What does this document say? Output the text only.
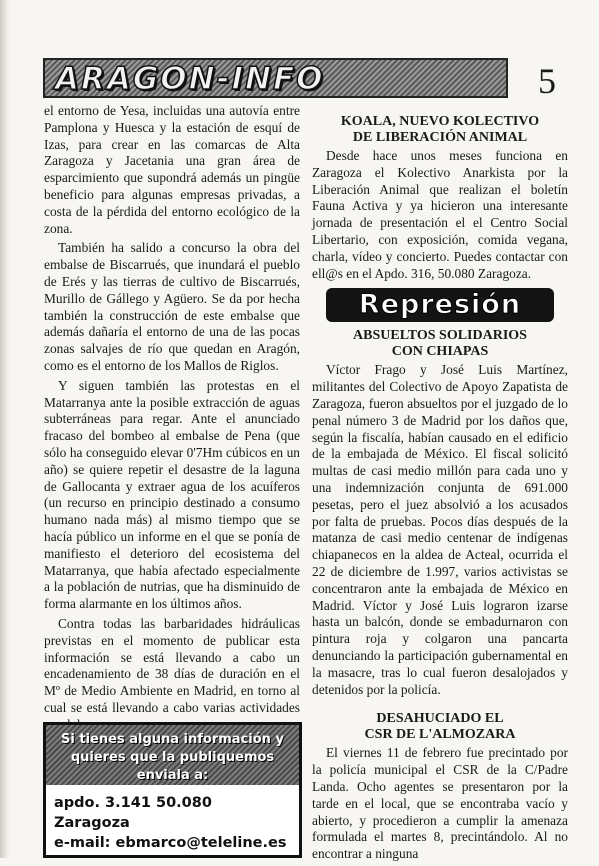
ARAGON-INFO	5

el entorno de Yesa, incluidas una autovía entre Pamplona y Huesca y la estación de esquí de Izas, para crear en las comarcas de Alta Zaragoza y Jacetania una gran área de esparcimiento que supondrá además un pingüe beneficio para algunas empresas privadas, a costa de la pérdida del entorno ecológico de la zona.

También ha salido a concurso la obra del embalse de Biscarrués, que inundará el pueblo de Erés y las tierras de cultivo de Biscarrués, Murillo de Gállego y Agüero. Se da por hecha también la construcción de este embalse que además dañaría el entorno de una de las pocas zonas salvajes de río que quedan en Aragón, como es el entorno de los Mallos de Riglos.

Y siguen también las protestas en el Matarranya ante la posible extracción de aguas subterráneas para regar. Ante el anunciado fracaso del bombeo al embalse de Pena (que sólo ha conseguido elevar 0'7Hm cúbicos en un año) se quiere repetir el desastre de la laguna de Gallocanta y extraer agua de los acuíferos (un recurso en principio destinado a consumo humano nada más) al mismo tiempo que se hacía público un informe en el que se ponía de manifiesto el deterioro del ecosistema del Matarranya, que había afectado especialmente a la población de nutrias, que ha disminuido de forma alarmante en los últimos años.

Contra todas las barbaridades hidráulicas previstas en el momento de publicar esta información se está llevando a cabo un encadenamiento de 38 días de duración en el Mº de Medio Ambiente en Madrid, en torno al cual se está llevando a cabo varias actividades

Si tienes alguna información y
quieres que la publiquemos enviala a:
apdo. 3.141 50.080 Zaragoza
e-mail: ebmarco@teleline.es
KOALA, NUEVO KOLECTIVO
DE LIBERACIÓN ANIMAL

Desde hace unos meses funciona en Zaragoza el Kolectivo Anarkista por la Liberación Animal que realizan el boletín Fauna Activa y ya hicieron una interesante jornada de presentación el el Centro Social Libertario, con exposición, comida vegana, charla, vídeo y concierto. Puedes contactar con ell@s en el Apdo. 316, 50.080 Zaragoza.

Represión
ABSUELTOS SOLIDARIOS
CON CHIAPAS

Víctor Frago y José Luis Martínez, militantes del Colectivo de Apoyo Zapatista de Zaragoza, fueron absueltos por el juzgado de lo penal número 3 de Madrid por los daños que, según la fiscalía, habían causado en el edificio de la embajada de México. El fiscal solicitó multas de casi medio millón para cada uno y una indemnización conjunta de 691.000 pesetas, pero el juez absolvió a los acusados por falta de pruebas. Pocos días después de la matanza de casi medio centenar de indígenas chiapanecos en la aldea de Acteal, ocurrida el 22 de diciembre de 1.997, varios activistas se concentraron ante la embajada de México en Madrid. Víctor y José Luis lograron izarse hasta un balcón, donde se embadurnaron con pintura roja y colgaron una pancarta denunciando la participación gubernamental en la masacre, tras lo cual fueron desalojados y detenidos por la policía.

DESAHUCIADO EL
CSR DE L'ALMOZARA

El viernes 11 de febrero fue precintado por la policía municipal el CSR de la C/Padre Landa. Ocho agentes se presentaron por la tarde en el local, que se encontraba vacío y abierto, y procedieron a cumplir la amenaza formulada el martes 8, precintándolo. Al no encontrar a ninguna
